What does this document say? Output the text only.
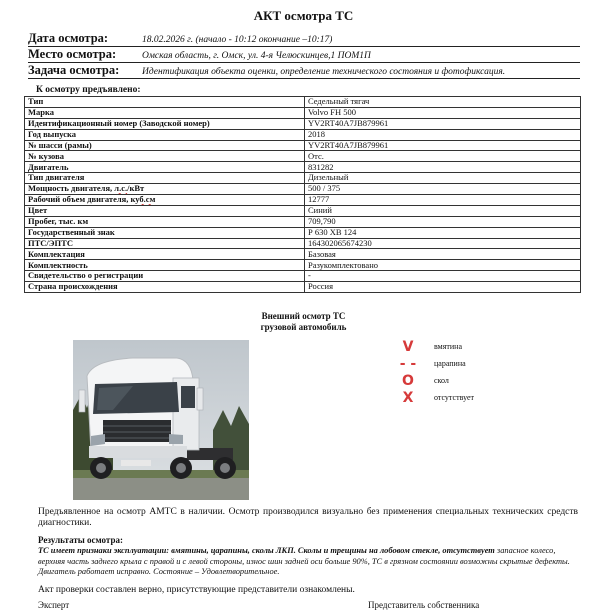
АКТ осмотра ТС
Дата осмотра:	18.02.2026 г. (начало - 10:12 окончание –10:17)
Место осмотра:	Омская область, г. Омск, ул. 4-я Челюскинцев,1 ПОМ1П
Задача осмотра:	Идентификация объекта оценки, определение технического состояния и фотофиксация.
К осмотру предъявлено:
Тип	Седельный тягач
Марка	Volvo FH 500
Идентификационный номер (Заводской номер)	YV2RT40A7JB879961
Год выпуска	2018
№ шасси (рамы)	YV2RT40A7JB879961
№ кузова	Отс.
Двигатель	831282
Тип двигателя	Дизельный
Мощность двигателя, л.с./кВт	500 / 375
Рабочий объем двигателя, куб.см	12777
Цвет	Синий
Пробег, тыс. км	709,790
Государственный знак	Р 630 ХВ 124
ПТС/ЭПТС	164302065674230
Комплектация	Базовая
Комплектность	Разукомплектовано
Свидетельство о регистрации	-
Страна происхождения	Россия
Внешний осмотр ТС
грузовой автомобиль
V	вмятина
- - царапина
O	скол
X	отсутствует
Предъявленное на осмотр АМТС в наличии. Осмотр производился визуально без применения специальных технических средств диагностики.
Результаты осмотра:
ТС имеет признаки эксплуатации: вмятины, царапины, сколы ЛКП. Сколы и трещины на лобовом стекле, отсутствует запасное колесо, верхняя часть заднего крыла с правой и с левой стороны, износ шин задней оси больше 90%, ТС в грязном состоянии возможны скрытые дефекты. Двигатель работает исправно. Состояние – Удовлетворительное.
Акт проверки составлен верно, присутствующие представители ознакомлены.
Эксперт	Представитель собственника
